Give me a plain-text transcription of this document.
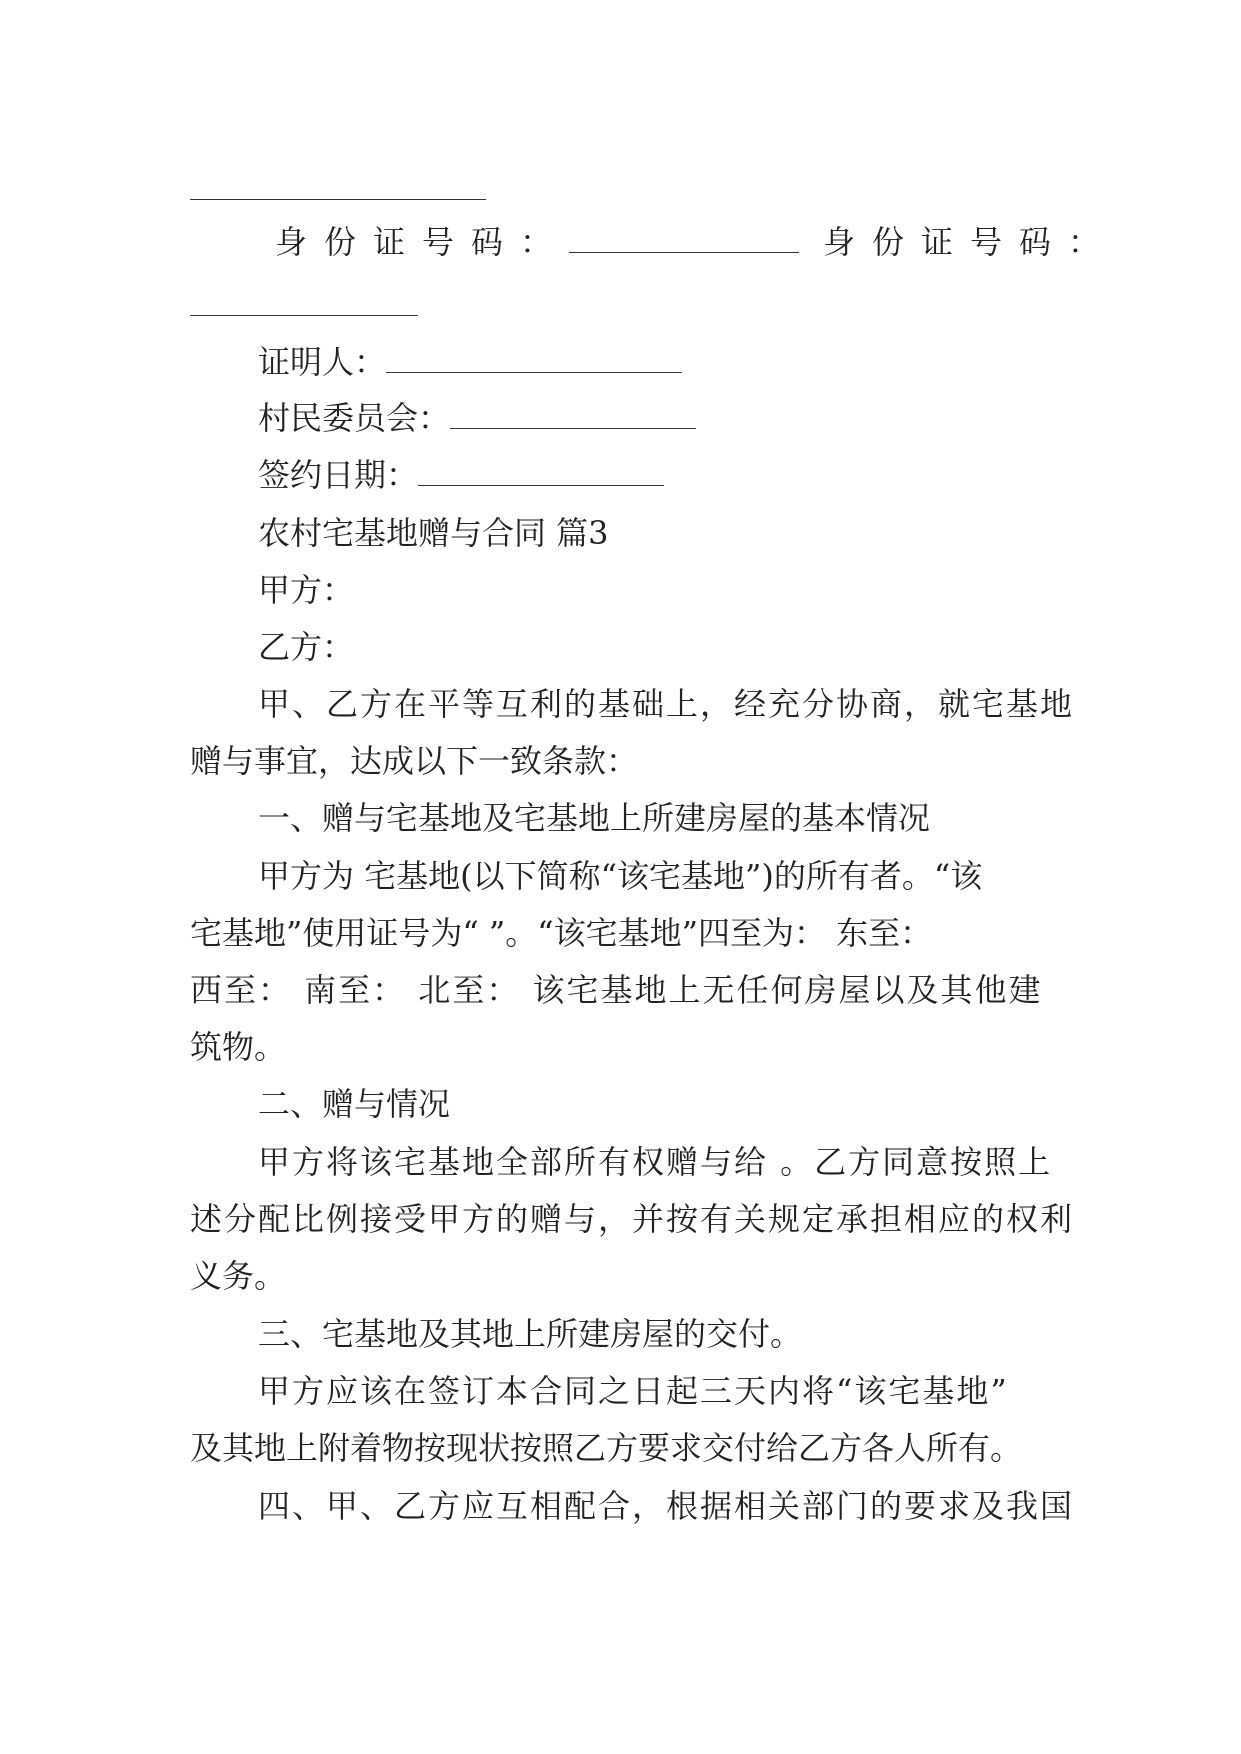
身份证号码：	身份证号码：
证明人：
村民委员会：
签约日期：
农村宅基地赠与合同 篇3
甲方：
乙方：
甲、乙方在平等互利的基础上，经充分协商，就宅基地
赠与事宜，达成以下一致条款：
一、赠与宅基地及宅基地上所建房屋的基本情况
甲方为 宅基地(以下简称“该宅基地”)的所有者。“该
宅基地”使用证号为“ ”。“该宅基地”四至为： 东至：
西至： 南至： 北至： 该宅基地上无任何房屋以及其他建
筑物。
二、赠与情况
甲方将该宅基地全部所有权赠与给 。乙方同意按照上
述分配比例接受甲方的赠与，并按有关规定承担相应的权利
义务。
三、宅基地及其地上所建房屋的交付。
甲方应该在签订本合同之日起三天内将“该宅基地”
及其地上附着物按现状按照乙方要求交付给乙方各人所有。
四、甲、乙方应互相配合，根据相关部门的要求及我国
